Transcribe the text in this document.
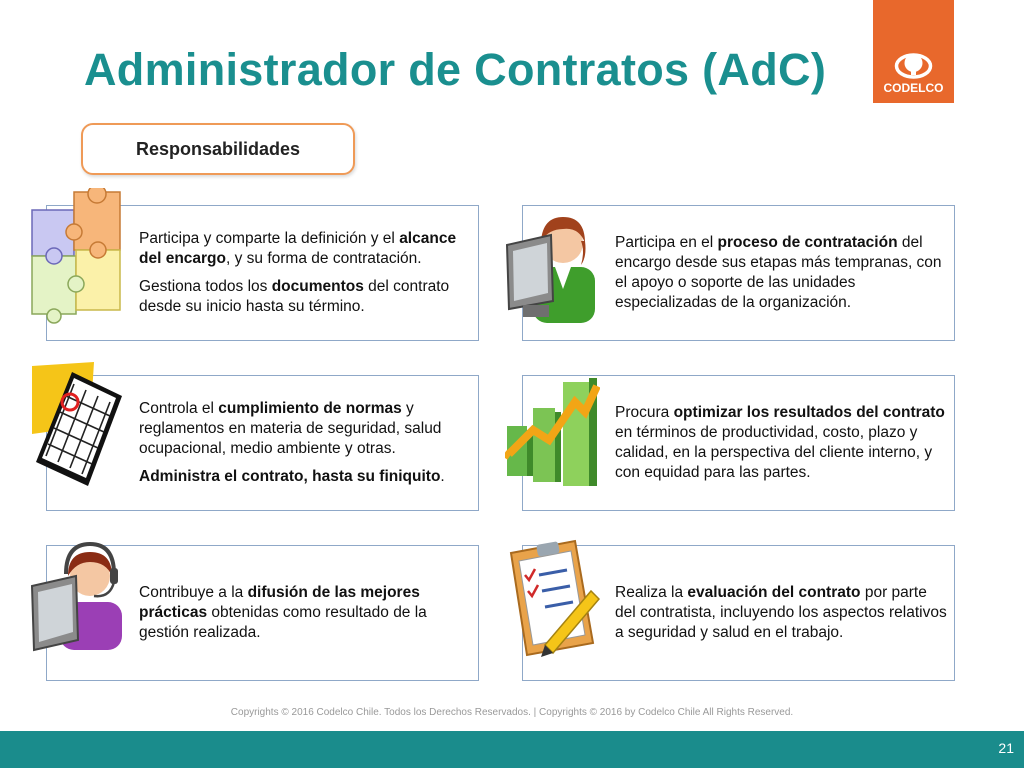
Administrador de Contratos (AdC)	CODELCO
Responsabilidades

Participa y comparte la definición y el alcance del encargo, y su forma de contratación.

Gestiona todos los documentos del contrato desde su inicio hasta su término.

Participa en el proceso de contratación del encargo desde sus etapas más tempranas, con el apoyo o soporte de las unidades especializadas de la organización.

Controla el cumplimiento de normas y reglamentos en materia de seguridad, salud ocupacional, medio ambiente y otras.

Administra el contrato, hasta su finiquito.

Procura optimizar los resultados del contrato en términos de productividad, costo, plazo y calidad, en la perspectiva del cliente interno, y con equidad para las partes.

Contribuye a la difusión de las mejores prácticas obtenidas como resultado de la gestión realizada.

Realiza la evaluación del contrato por parte del contratista, incluyendo los aspectos relativos a seguridad y salud en el trabajo.

Copyrights © 2016 Codelco Chile. Todos los Derechos Reservados. | Copyrights © 2016 by Codelco Chile All Rights Reserved.
21
